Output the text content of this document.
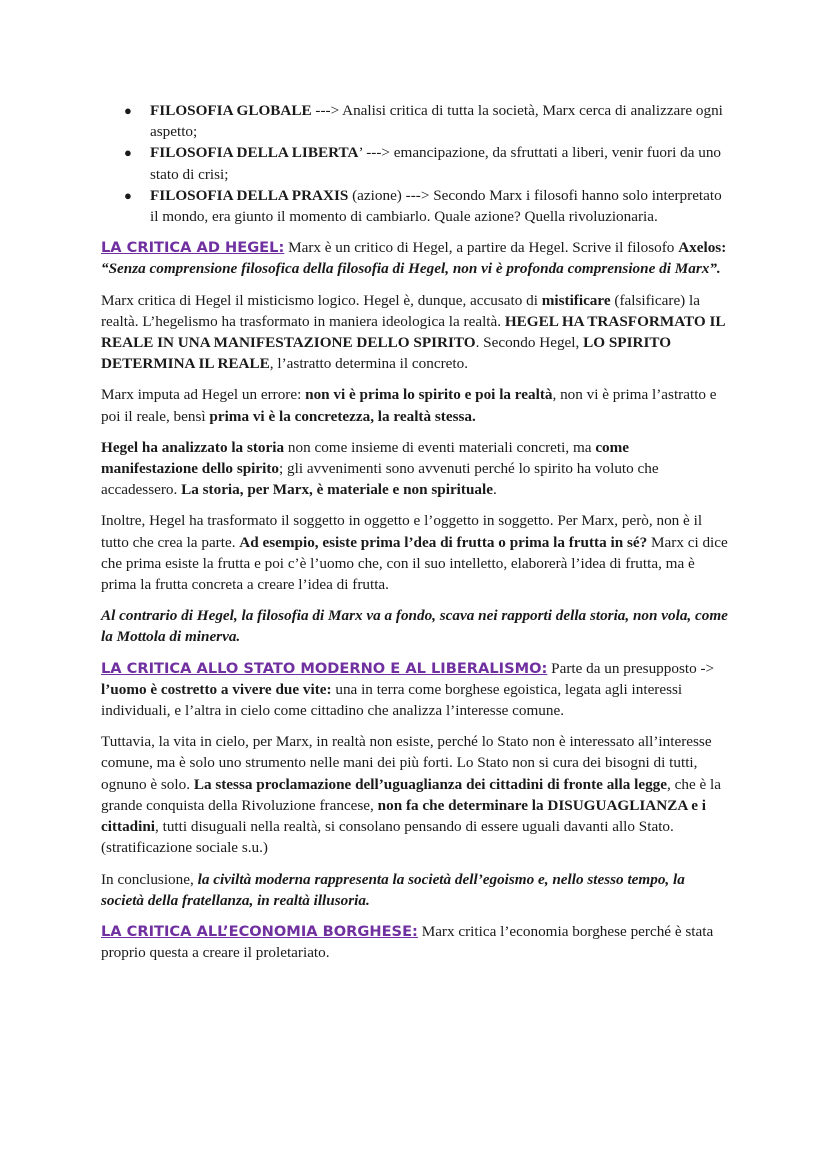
● FILOSOFIA GLOBALE ---> Analisi critica di tutta la società, Marx cerca di analizzare ogni aspetto;
● FILOSOFIA DELLA LIBERTA’ ---> emancipazione, da sfruttati a liberi, venir fuori da uno stato di crisi;
● FILOSOFIA DELLA PRAXIS (azione) ---> Secondo Marx i filosofi hanno solo interpretato il mondo, era giunto il momento di cambiarlo. Quale azione? Quella rivoluzionaria.

LA CRITICA AD HEGEL: Marx è un critico di Hegel, a partire da Hegel. Scrive il filosofo Axelos: “Senza comprensione filosofica della filosofia di Hegel, non vi è profonda comprensione di Marx”.

Marx critica di Hegel il misticismo logico. Hegel è, dunque, accusato di mistificare (falsificare) la realtà. L’hegelismo ha trasformato in maniera ideologica la realtà. HEGEL HA TRASFORMATO IL REALE IN UNA MANIFESTAZIONE DELLO SPIRITO. Secondo Hegel, LO SPIRITO DETERMINA IL REALE, l’astratto determina il concreto.

Marx imputa ad Hegel un errore: non vi è prima lo spirito e poi la realtà, non vi è prima l’astratto e poi il reale, bensì prima vi è la concretezza, la realtà stessa.

Hegel ha analizzato la storia non come insieme di eventi materiali concreti, ma come manifestazione dello spirito; gli avvenimenti sono avvenuti perché lo spirito ha voluto che accadessero. La storia, per Marx, è materiale e non spirituale.

Inoltre, Hegel ha trasformato il soggetto in oggetto e l’oggetto in soggetto. Per Marx, però, non è il tutto che crea la parte. Ad esempio, esiste prima l’dea di frutta o prima la frutta in sé? Marx ci dice che prima esiste la frutta e poi c’è l’uomo che, con il suo intelletto, elaborerà l’idea di frutta, ma è prima la frutta concreta a creare l’idea di frutta.

Al contrario di Hegel, la filosofia di Marx va a fondo, scava nei rapporti della storia, non vola, come la Mottola di minerva.

LA CRITICA ALLO STATO MODERNO E AL LIBERALISMO: Parte da un presupposto -> l’uomo è costretto a vivere due vite: una in terra come borghese egoistica, legata agli interessi individuali, e l’altra in cielo come cittadino che analizza l’interesse comune.

Tuttavia, la vita in cielo, per Marx, in realtà non esiste, perché lo Stato non è interessato all’interesse comune, ma è solo uno strumento nelle mani dei più forti. Lo Stato non si cura dei bisogni di tutti, ognuno è solo. La stessa proclamazione dell’uguaglianza dei cittadini di fronte alla legge, che è la grande conquista della Rivoluzione francese, non fa che determinare la DISUGUAGLIANZA e i cittadini, tutti disuguali nella realtà, si consolano pensando di essere uguali davanti allo Stato. (stratificazione sociale s.u.)

In conclusione, la civiltà moderna rappresenta la società dell’egoismo e, nello stesso tempo, la società della fratellanza, in realtà illusoria.

LA CRITICA ALL’ECONOMIA BORGHESE: Marx critica l’economia borghese perché è stata proprio questa a creare il proletariato.
